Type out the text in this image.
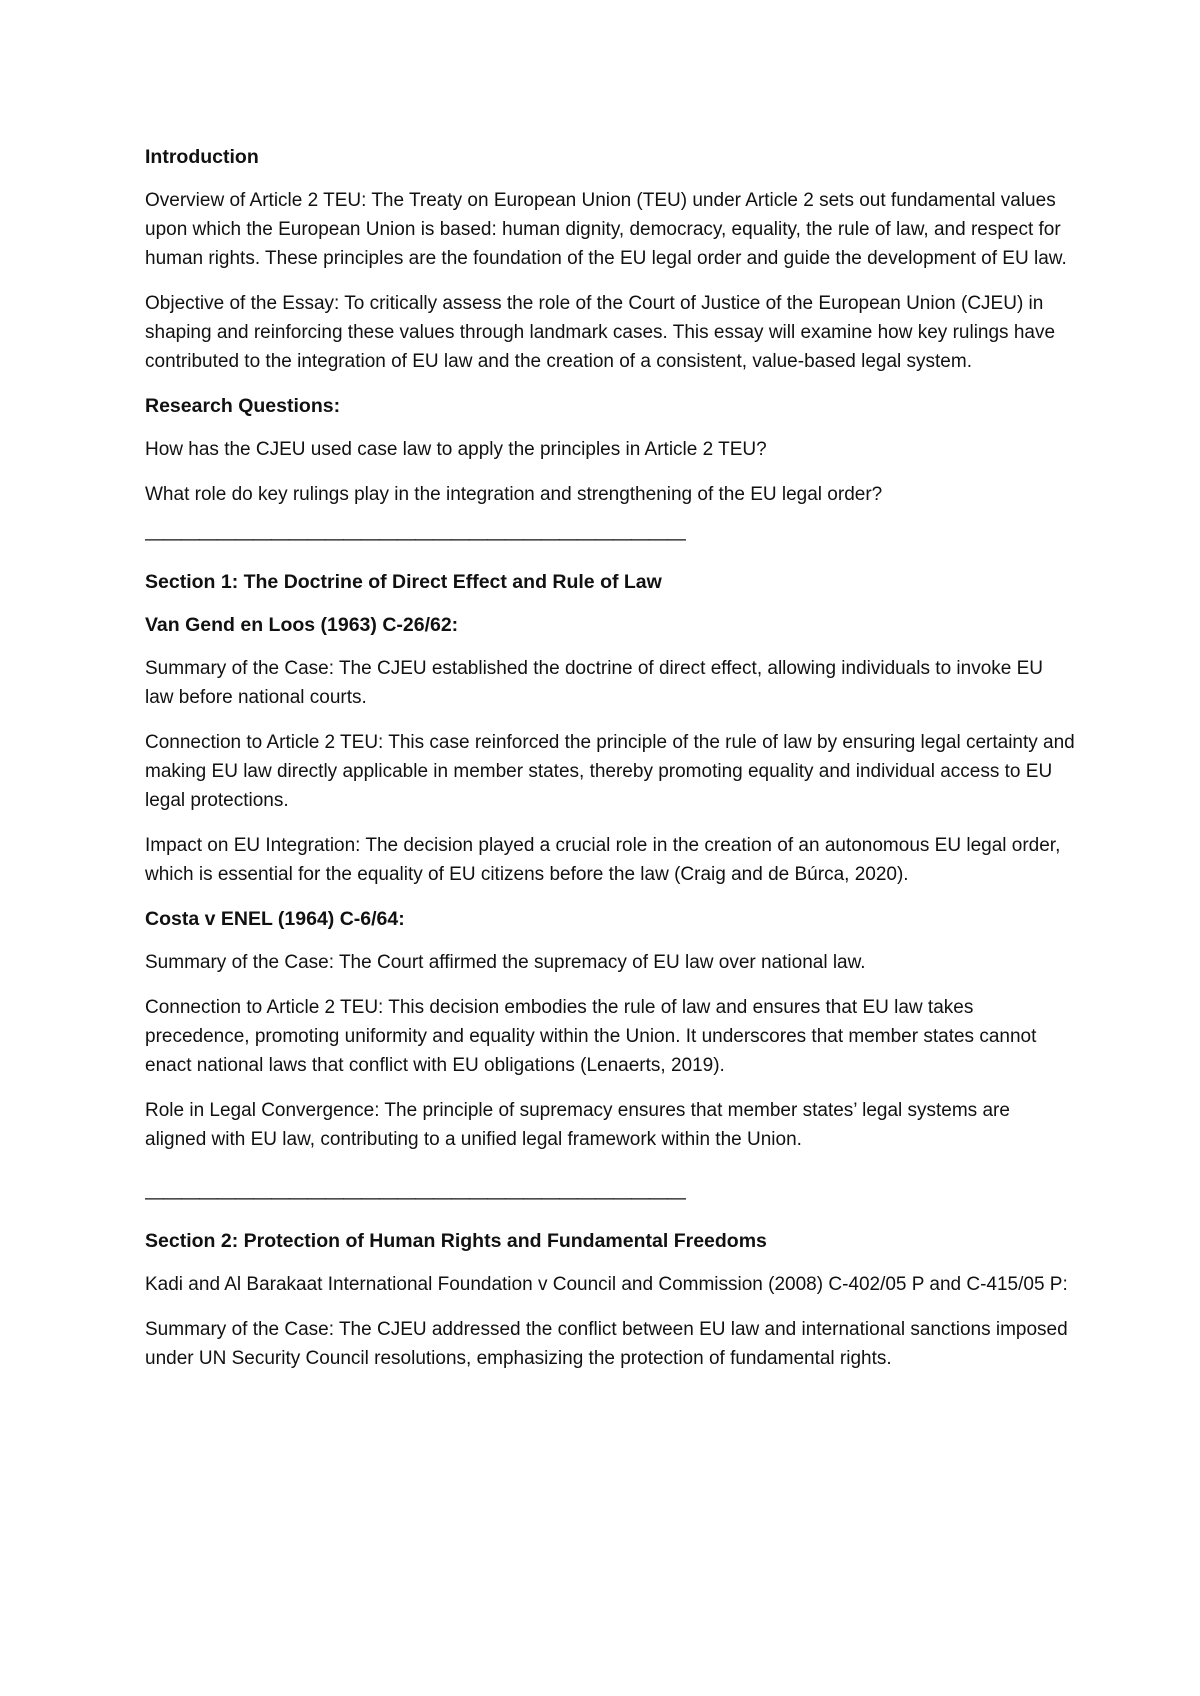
Introduction

Overview of Article 2 TEU: The Treaty on European Union (TEU) under Article 2 sets out fundamental values upon which the European Union is based: human dignity, democracy, equality, the rule of law, and respect for human rights. These principles are the foundation of the EU legal order and guide the development of EU law.

Objective of the Essay: To critically assess the role of the Court of Justice of the European Union (CJEU) in shaping and reinforcing these values through landmark cases. This essay will examine how key rulings have contributed to the integration of EU law and the creation of a consistent, value-based legal system.

Research Questions:

How has the CJEU used case law to apply the principles in Article 2 TEU?

What role do key rulings play in the integration and strengthening of the EU legal order?

——————————————————————————————
Section 1: The Doctrine of Direct Effect and Rule of Law
Van Gend en Loos (1963) C-26/62:

Summary of the Case: The CJEU established the doctrine of direct effect, allowing individuals to invoke EU law before national courts.

Connection to Article 2 TEU: This case reinforced the principle of the rule of law by ensuring legal certainty and making EU law directly applicable in member states, thereby promoting equality and individual access to EU legal protections.

Impact on EU Integration: The decision played a crucial role in the creation of an autonomous EU legal order, which is essential for the equality of EU citizens before the law (Craig and de Búrca, 2020).

Costa v ENEL (1964) C-6/64:

Summary of the Case: The Court affirmed the supremacy of EU law over national law.

Connection to Article 2 TEU: This decision embodies the rule of law and ensures that EU law takes precedence, promoting uniformity and equality within the Union. It underscores that member states cannot enact national laws that conflict with EU obligations (Lenaerts, 2019).

Role in Legal Convergence: The principle of supremacy ensures that member states’ legal systems are aligned with EU law, contributing to a unified legal framework within the Union.

——————————————————————————————
Section 2: Protection of Human Rights and Fundamental Freedoms

Kadi and Al Barakaat International Foundation v Council and Commission (2008) C-402/05 P and C-415/05 P:

Summary of the Case: The CJEU addressed the conflict between EU law and international sanctions imposed under UN Security Council resolutions, emphasizing the protection of fundamental rights.
